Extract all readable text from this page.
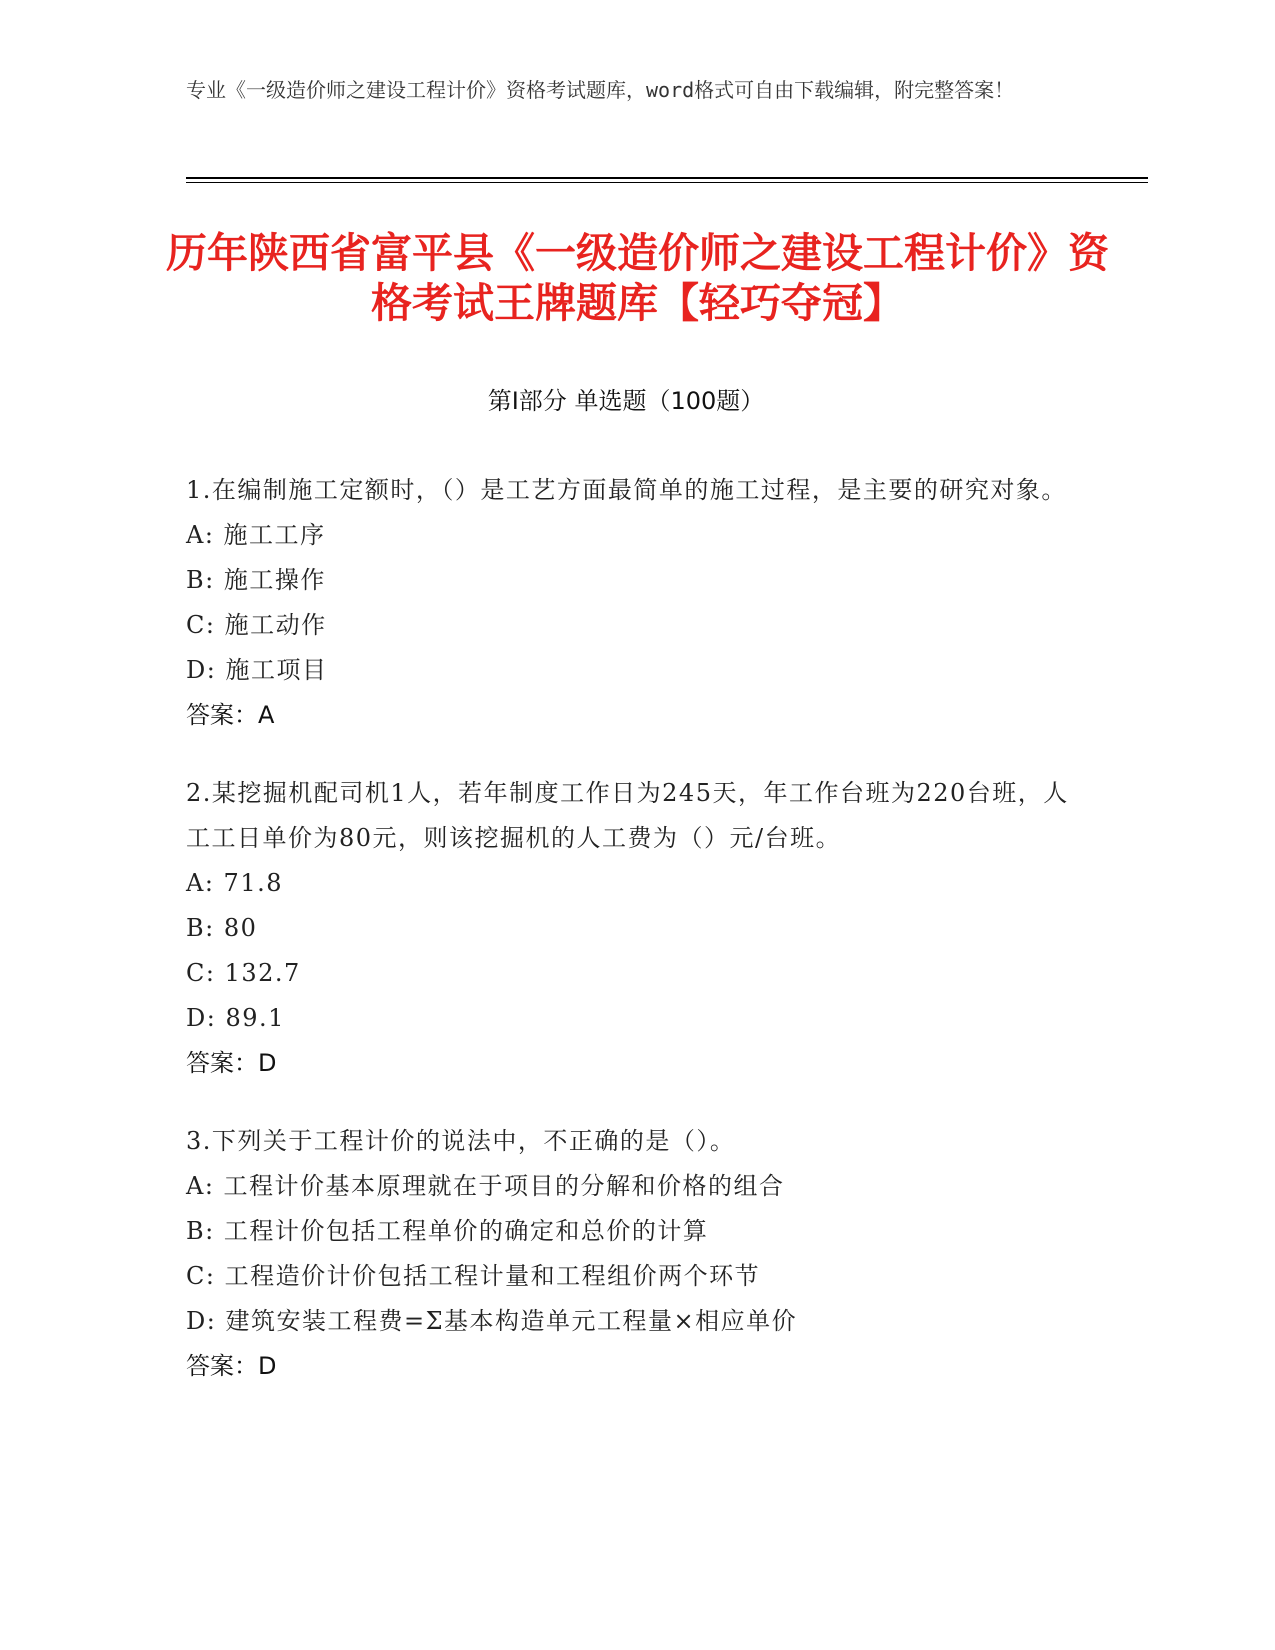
专业《一级造价师之建设工程计价》资格考试题库，word格式可自由下载编辑，附完整答案！
历年陕西省富平县《一级造价师之建设工程计价》资格考试王牌题库【轻巧夺冠】
第I部分 单选题（100题）
1.在编制施工定额时，（）是工艺方面最简单的施工过程，是主要的研究对象。
A: 施工工序
B: 施工操作
C: 施工动作
D: 施工项目
答案：A
2.某挖掘机配司机1人，若年制度工作日为245天，年工作台班为220台班，人工工日单价为80元，则该挖掘机的人工费为（）元/台班。
A: 71.8
B: 80
C: 132.7
D: 89.1
答案：D
3.下列关于工程计价的说法中，不正确的是（）。
A: 工程计价基本原理就在于项目的分解和价格的组合
B: 工程计价包括工程单价的确定和总价的计算
C: 工程造价计价包括工程计量和工程组价两个环节
D: 建筑安装工程费=Σ基本构造单元工程量×相应单价
答案：D
